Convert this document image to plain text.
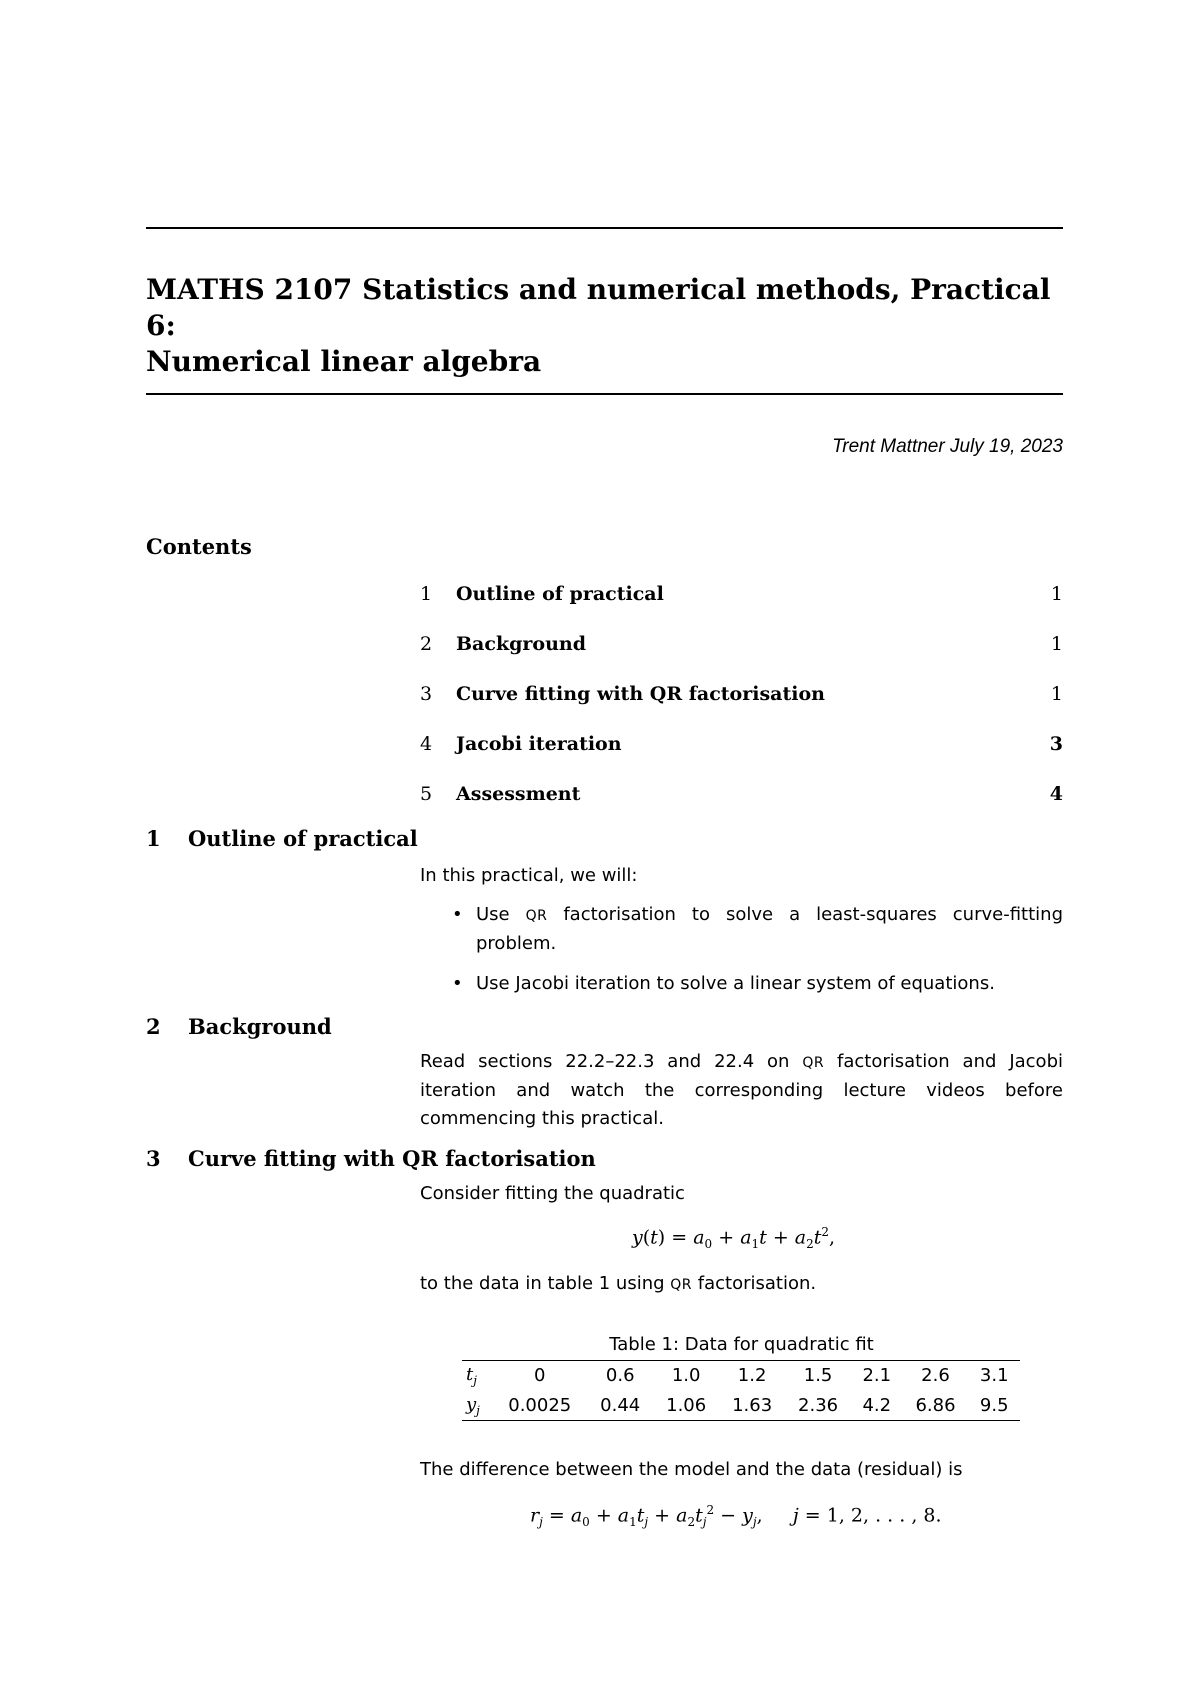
MATHS 2107 Statistics and numerical methods, Practical 6:
Numerical linear algebra
Trent Mattner July 19, 2023
Contents
1 Outline of practical	1
2 Background	1
3 Curve fitting with QR factorisation	1
4 Jacobi iteration	3
5 Assessment	4
1 Outline of practical

In this practical, we will:

• Use QR factorisation to solve a least-squares curve-fitting problem.
• Use Jacobi iteration to solve a linear system of equations.
2 Background

Read sections 22.2–22.3 and 22.4 on QR factorisation and Jacobi iteration and watch the corresponding lecture videos before commencing this practical.

3 Curve fitting with QR factorisation

Consider fitting the quadratic

$y(t) = a_0 + a_1t + a_2t^2$,

to the data in table 1 using QR factorisation.

Table 1: Data for quadratic fit
$t_j$	0	0.6	1.0	1.2	1.5	2.1	2.6	3.1
$y_j$	0.0025	0.44	1.06	1.63	2.36	4.2	6.86	9.5

The difference between the model and the data (residual) is

$r_j = a_0 + a_1t_j + a_2t_j^2 - y_j$,     j = 1, 2, . . . , 8.
